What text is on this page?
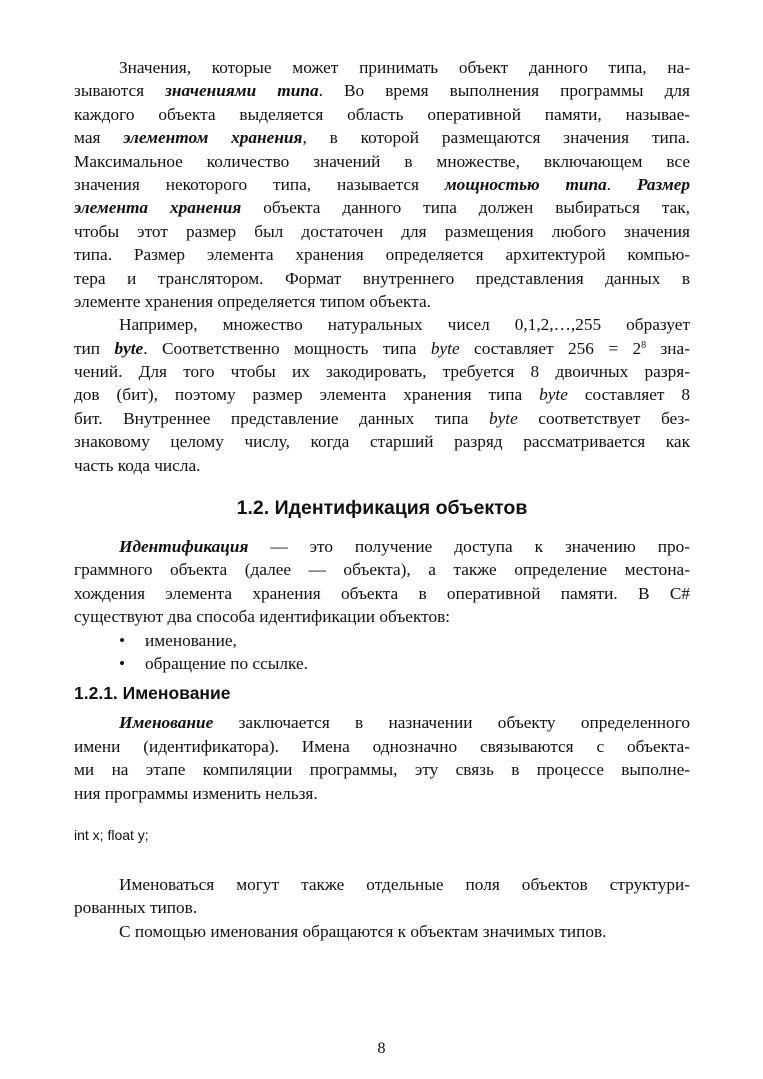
Значения, которые может принимать объект данного типа, на-
зываются значениями типа. Во время выполнения программы для
каждого объекта выделяется область оперативной памяти, называе-
мая элементом хранения, в которой размещаются значения типа.
Максимальное количество значений в множестве, включающем все
значения некоторого типа, называется мощностью типа. Размер
элемента хранения объекта данного типа должен выбираться так,
чтобы этот размер был достаточен для размещения любого значения
типа. Размер элемента хранения определяется архитектурой компью-
тера и транслятором. Формат внутреннего представления данных в
элементе хранения определяется типом объекта.
Например, множество натуральных чисел 0,1,2,…,255 образует
тип byte. Соответственно мощность типа byte составляет $256 = 2^8$ зна-
чений. Для того чтобы их закодировать, требуется 8 двоичных разря-
дов (бит), поэтому размер элемента хранения типа byte составляет 8
бит. Внутреннее представление данных типа byte соответствует без-
знаковому целому числу, когда старший разряд рассматривается как
часть кода числа.
1.2. Идентификация объектов
Идентификация — это получение доступа к значению про-
граммного объекта (далее — объекта), а также определение местона-
хождения элемента хранения объекта в оперативной памяти. В C#
существуют два способа идентификации объектов:
• именование,
• обращение по ссылке.
1.2.1. Именование
Именование заключается в назначении объекту определенного
имени (идентификатора). Имена однозначно связываются с объекта-
ми на этапе компиляции программы, эту связь в процессе выполне-
ния программы изменить нельзя.
int x; float y;
Именоваться могут также отдельные поля объектов структури-
рованных типов.
С помощью именования обращаются к объектам значимых типов.
8
